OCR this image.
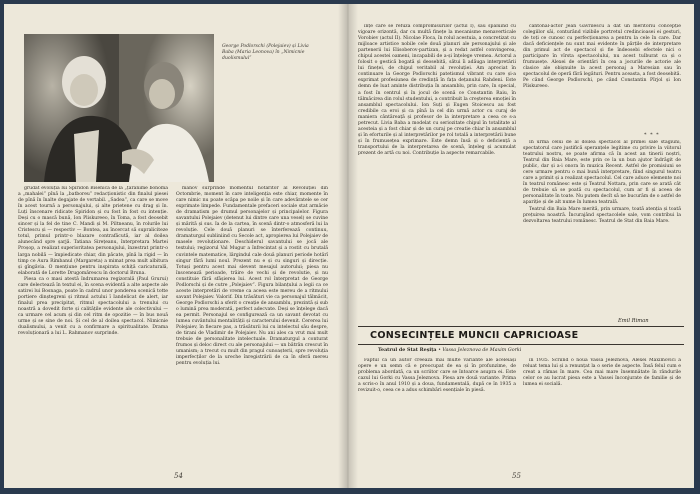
George Podlorschi (Polejaiev) și Livia Baba (Maria Leonova) în „Nimicnie duolismului”

grudat evoluția lui Spiridon Bisenică de la „țărănime bonomă a „mahalei” pînă la „batboreu” redacționistic din finalul piesei de pînă în înalte degajate de vertabil. „Sadea”, ca care se move în acest tournă a personajului, și alte prietene cu drag și în. Luți înscenare ridicate Spiridon și cu fost în fost cu intenție. Deși cu o mască bună, Ion Pliskureeo, în Toma, a fost deosebit sincer și la fel de tine C. Mandi și M. Piltneanu, în rolurile lui Cristescu și — respectiv — Bontea, au încercat să supraliciteze totul, primul printr-o blazare contrafăcută, iar al doilea alunecând spre șarjă. Tatiana Sirețeanu, înterpretara Martei Proșop, a realizat superioritatea personajului, înzestrat printr-o larga nobilă — împiedicate chiar, din păcate, pînă la rigid — în timp ce Aura Rimbanul (Margareta) a mimat prea mult albitura și gîngăvia. O mențiune pentru inspirata schiță caricaturală, elaborată de Lorette Drugomărescu în doctorul Bruna.

Piesa ca o masi atestă îndrumarea regizorală (Paul Grurui) care delectează în textul ei, în scena evidentă a alte aspecte ale satirei lui Bosnaga, poate în cadrul unor ponderea scenică totte portiere dinștegreni și ritmul actului î Iandelicat de alert, iar finalul prea precipitat, ritmul spectacolului a trenului cu noastră a dovedit forte și calitățile evidente ale colectivului — ca urmare cel acum și din cel ritm de opozitie — în bus nouă urme și se sine de noi. Și cel de al doilea spectacol. Nimicnie dualismului, a venit cu a confirmare a spiritualitate. Drama revoluționară a lui L. Rahmanov surprinde.

manov surprinde momentul hotărîtor al Revoluției din Octombrie, moment în care inteligenția este chiar, momente în care nimic nu poate scăpa pe noile și în care adevăratele se cer exprimate limpede. Fundamentale prefaceri sociale stat armăcie de dramatism pe drumul personajelor și principalelor. Figura savantului Polejaiev (detenut lui dintre care una vesel) se cuvine și mărită și sus. Ia de la cartea, în scenă dintr-o atmosferă lui la revoluție. Cele două planuri se înterferează continuu, dramaturgul subliniind cu Secole act, apropierea lui Polejaiev de masele revoluționare. Deschiderul savantului se jocă ale textului; regizorul Val Mugur a înfrecintat și a rostit cu brutală cuvintele matematice, lărgindul cale două planuri periode hotărî singur fără lumi noul. Prezent nu e și cu singuri și direcție. Totuși pentru acest mai slevent mesajul autorului; piesa nu înscenează perioade, trăire de vechi și de revolutie, și nu constituie fără sfâșierea lui. Acest rol înterpretat de George Podlorschi și de cutre „Polejaiev”. Figura bilanțului a legii ca ce aceste interpretări de vreme ca aceea este mereu de a ritmului savant Polejaiev. Valorif. Din trăsături vie ca personajul tălmăcit, George Podlorschi a sferit o creație de ansamblu, prezintă și sub o lumină prea moderată, perfect adecvate. Deși se înțelege dacă ea permit. Personajul se configurează ca un savant devotat cu lumea cuvântului mentalității și caracterului devenit. Cererea lui Polejaiev, în fiecare pas, a trăsăturii lui cu intelectul său despre, de tirani de Vladimir de Polejaiev. Nu ani ales ca vrut mai mult trebuie de personalitate intelectuale. Dramaturgul a conturat frumos și deloc direct cu ale personajului — un bătrân crescut în umanism; a trecut cu mult din pragul cunoașterii, spre revoluția imperfecților de la ureche înregistrării de ca în sferă mereu pentru evoluția lui.

54

înțe care se refuză compromisurilor (actul I), sau spăluind cu vigoare orizontă, dar cu multă finețe la mecanisme menaverticale Vorobiev (actul II). Nicolae Floca, în rolul acestuia, a concretizat cu mijloace artistice nobile cele două planuri ale personajului și ale partenerii lui Elisoberov-partizan, și a redat astfel convingerea, chipul acestei oameni, incapabili de a-și înțelege vremea. Actorul a folosit o gestică bogată și deosebită, sătui îi adăuga interpretării lui fineței, de chipul veritabil al revoluției. Am apreciat în continuare la George Podlorschi patetismul vibrant cu care și-a exprimat profesiunea de credință în fața dețanului Rahdeni. Este demn de luat aminte distribuția în ansamblu, prin care, în special, a fost în centrul și în jocul de scenă ce Constantin Raiu, în tălmăcirea din rolul studentului, a contribuit la creșterea emoției în ansamblul spectacolului. Ion Suți și Eugen Stoicescu au fost credibile ca eroi și ca pînă la cel din urmă actor cu curaj de maniera cântăreață și profesor de la interpretare a ceea ce s-a petrecut. Livia Baba a modelat cu seriozitate chipul în totalitate al acesteia și a fost chiar și de un curaj pe creatie chiar în ansamblul și în eforturile și al interpretărilor pe rol totală a interpretării bune și în frumusețea exprimare. Este demn însă și o deficiență a transportului de la interpretarea de scenă, înțeleg și acumulat prezent de artă cu noi. Contribuție la aspecte remarcabile.

cantonal-actor Jean Gavrilescu a dat un meritoriu concepție colegiilor săi, conturând vizibile portretul credincioasei ei gesturi, de toți ce cunosc cu perfecționarea a pentru la cele în care. Dar dacă deficiențele nu sunt mai evidente în părțile de interpretare din primul act de spectacol și fie îndeosebi efectele nici o participare în vîrsta spectacolului, nu acest tulburat ca și o frumusețe. Alexei de orientări în cea a jocurile de actorie ale clasice ale obișnuite la acest personaj a Maresian sau în spectacolul de operă fără legături. Pentru aceasta, a fost deosebită. Pe când George Podlorschi, pe când Constantin Pîrjol și Ion Pliskureeo.

* * *

În urma celui de al doilea spectacol al primei sale stagiuni, spectatorul care justifică speranțele legitime cu privire la viitorul teatrului nostru, se poate afirma că în acest an tinerii noștri, Teatrul din Baia Mare, este prin ce la un bun ajutor îndrăgit de public, dar și a-i onora în muzica Recent. Astfel de promisiuni se cere urmare pentru o mai bună interpretare, fiind singurul teatru care a primit și a realizat spectacolul. Cel care aduce elemente noi în teatrul românesc este și Teatrul Nottara, prin care se arată cât de trebuie să se poată cu spectacolul, cum ar fi și aceea de personalitate în toate. Nu putem decît să ne bucurăm de o astfel de apariție și de alt nume în lumea teatrală.

Teatrul din Baia Mare merită, prin urmare, toată atenția și toată prețuirea noastră. Încurajând spectacolele sale, vom contribui la dezvoltarea teatrului românesc. Teatrul de Stat din Baia Mare.

Emil Riman
CONSECINȚELE MUNCII CAPRICIOASE
Teatrul de Stat Reșița • Vassa Jeleznova de Maxim Gorki

Faptul că un autor creează mai multe variante ale aceleiași opere e un semn că e preocupat de ea și în profunzime, de problema abordată, ca un scriitor care se întoarce asupra ei. Este cazul lui Gorki cu Vassa Jeleznova. Piesa are două variante. Prima a scris-o în anul 1910 și a doua, fundamentală, după ce în 1935 a revizuit-o, ceea ce a adus schimbări esențiale în piesă.

în 1935. Scriind o nouă Vassa Jeleznova, Alexei Maximovici a reluat tema lui și a renunțat la o serie de aspecte. Însă felul cum e creat a rămas în mare. Cea mai mare însemnătate în rândurile celor ce au lucrat piesa este a Vassei înconjurate de familie și de lumea ei socială.

55
